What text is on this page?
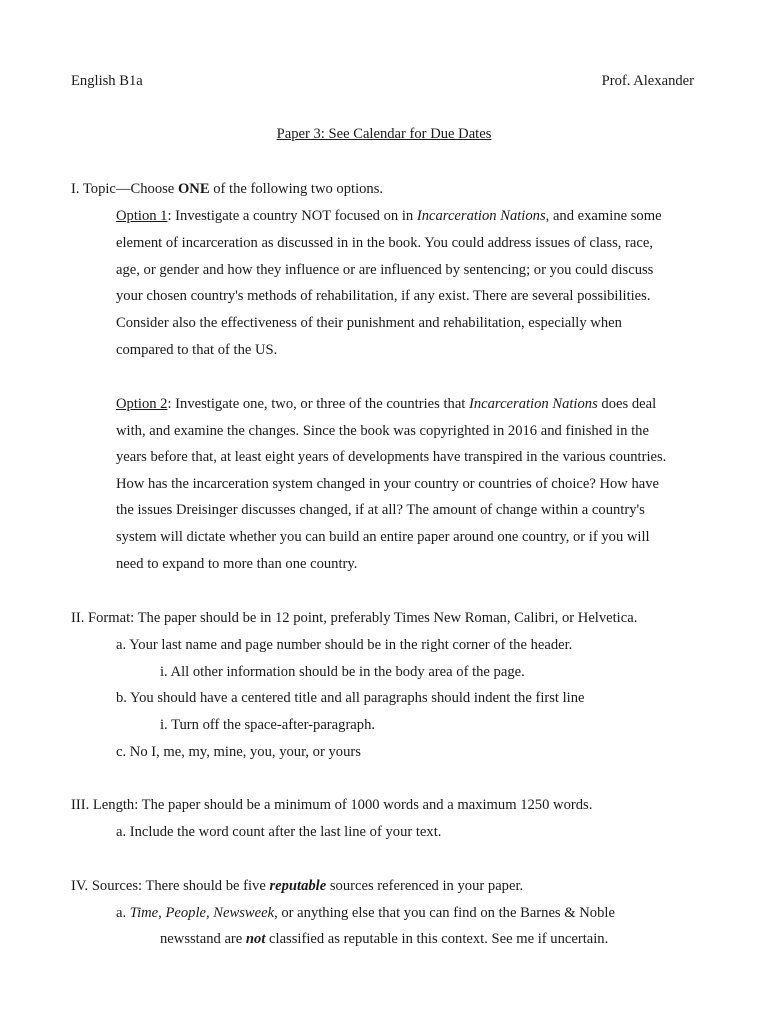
English B1a	Prof. Alexander
Paper 3: See Calendar for Due Dates
I. Topic—Choose ONE of the following two options.
Option 1: Investigate a country NOT focused on in Incarceration Nations, and examine some
element of incarceration as discussed in in the book. You could address issues of class, race,
age, or gender and how they influence or are influenced by sentencing; or you could discuss
your chosen country's methods of rehabilitation, if any exist. There are several possibilities.
Consider also the effectiveness of their punishment and rehabilitation, especially when
compared to that of the US.
Option 2: Investigate one, two, or three of the countries that Incarceration Nations does deal
with, and examine the changes. Since the book was copyrighted in 2016 and finished in the
years before that, at least eight years of developments have transpired in the various countries.
How has the incarceration system changed in your country or countries of choice? How have
the issues Dreisinger discusses changed, if at all? The amount of change within a country's
system will dictate whether you can build an entire paper around one country, or if you will
need to expand to more than one country.
II. Format: The paper should be in 12 point, preferably Times New Roman, Calibri, or Helvetica.
a. Your last name and page number should be in the right corner of the header.
i. All other information should be in the body area of the page.
b. You should have a centered title and all paragraphs should indent the first line
i. Turn off the space-after-paragraph.
c. No I, me, my, mine, you, your, or yours
III. Length: The paper should be a minimum of 1000 words and a maximum 1250 words.
a. Include the word count after the last line of your text.
IV. Sources: There should be five reputable sources referenced in your paper.
a. Time, People, Newsweek, or anything else that you can find on the Barnes & Noble
newsstand are not classified as reputable in this context. See me if uncertain.
